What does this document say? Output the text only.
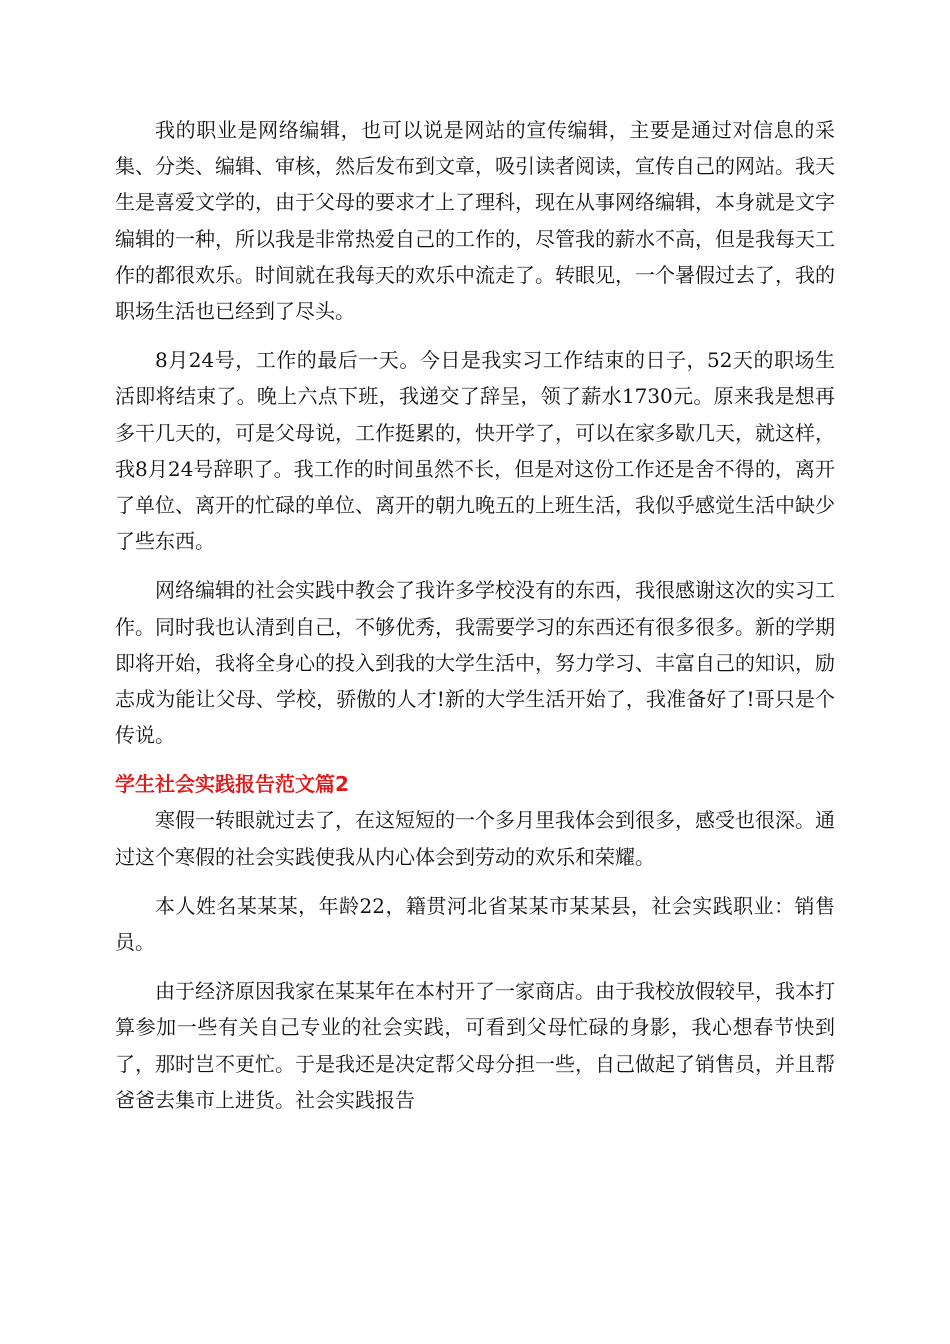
我的职业是网络编辑，也可以说是网站的宣传编辑，主要是通过对信息的采集、分类、编辑、审核，然后发布到文章，吸引读者阅读，宣传自己的网站。我天生是喜爱文学的，由于父母的要求才上了理科，现在从事网络编辑，本身就是文字编辑的一种，所以我是非常热爱自己的工作的，尽管我的薪水不高，但是我每天工作的都很欢乐。时间就在我每天的欢乐中流走了。转眼见，一个暑假过去了，我的职场生活也已经到了尽头。

8月24号，工作的最后一天。今日是我实习工作结束的日子，52天的职场生活即将结束了。晚上六点下班，我递交了辞呈，领了薪水1730元。原来我是想再多干几天的，可是父母说，工作挺累的，快开学了，可以在家多歇几天，就这样，我8月24号辞职了。我工作的时间虽然不长，但是对这份工作还是舍不得的，离开了单位、离开的忙碌的单位、离开的朝九晚五的上班生活，我似乎感觉生活中缺少了些东西。

网络编辑的社会实践中教会了我许多学校没有的东西，我很感谢这次的实习工作。同时我也认清到自己，不够优秀，我需要学习的东西还有很多很多。新的学期即将开始，我将全身心的投入到我的大学生活中，努力学习、丰富自己的知识，励志成为能让父母、学校，骄傲的人才!新的大学生活开始了，我准备好了!哥只是个传说。

学生社会实践报告范文篇2

寒假一转眼就过去了，在这短短的一个多月里我体会到很多，感受也很深。通过这个寒假的社会实践使我从内心体会到劳动的欢乐和荣耀。

本人姓名某某某，年龄22，籍贯河北省某某市某某县，社会实践职业：销售员。

由于经济原因我家在某某年在本村开了一家商店。由于我校放假较早，我本打算参加一些有关自己专业的社会实践，可看到父母忙碌的身影，我心想春节快到了，那时岂不更忙。于是我还是决定帮父母分担一些，自己做起了销售员，并且帮爸爸去集市上进货。社会实践报告
